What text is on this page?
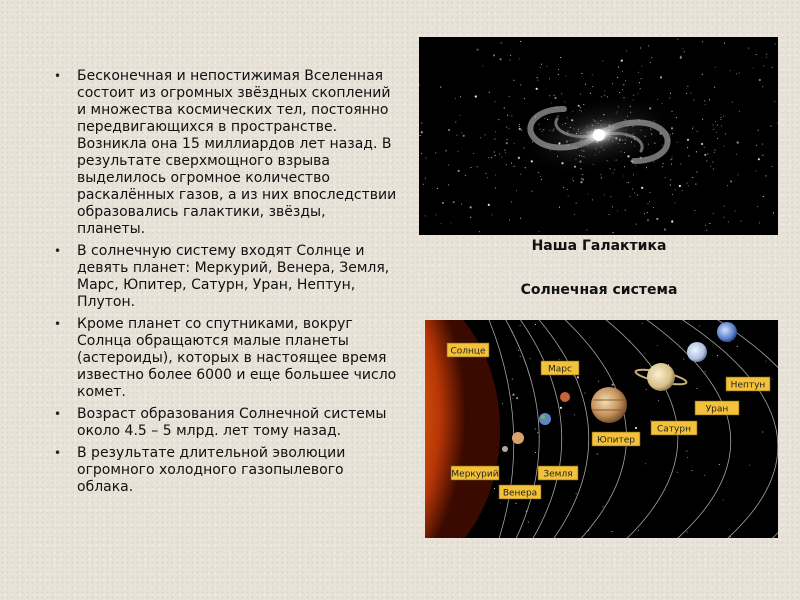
• Бесконечная и непостижимая Вселенная состоит из огромных звёздных скоплений и множества космических тел, постоянно передвигающихся в пространстве. Возникла она 15 миллиардов лет назад. В результате сверхмощного взрыва выделилось огромное количество раскалённых газов, а из них впоследствии образовались галактики, звёзды, планеты.
• В солнечную систему входят Солнце и девять планет: Меркурий, Венера, Земля, Марс, Юпитер, Сатурн, Уран, Нептун, Плутон.
• Кроме планет со спутниками, вокруг Солнца обращаются малые планеты (астероиды), которых в настоящее время известно более 6000 и еще большее число комет.
• Возраст образования Солнечной системы около 4.5 – 5 млрд. лет тому назад.
• В результате длительной эволюции огромного холодного газопылевого облака.
Наша Галактика
Солнечная система
Солнце
Марс
Нептун
Уран
Сатурн
Юпитер
Земля
Меркурий
Венера
